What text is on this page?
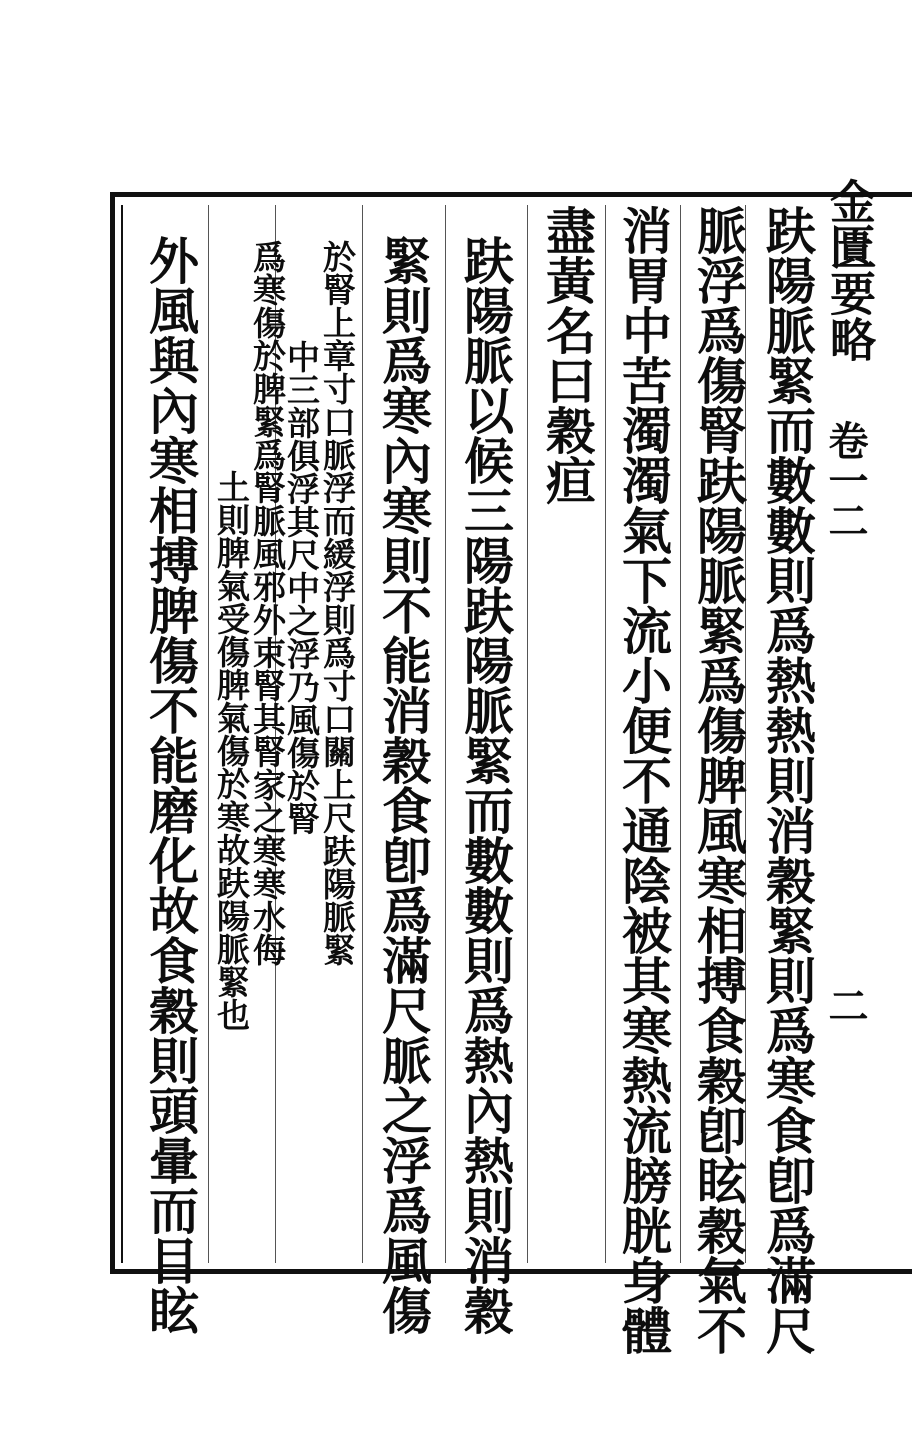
金匱要略
卷一二
二
趺陽脈緊而數數則爲熱熱則消穀緊則爲寒食卽爲滿尺
脈浮爲傷腎趺陽脈緊爲傷脾風寒相搏食穀卽眩穀氣不
消胃中苦濁濁氣下流小便不通陰被其寒熱流膀胱身體
盡黃名曰穀疸
趺陽脈以候三陽趺陽脈緊而數數則爲熱內熱則消穀
緊則爲寒內寒則不能消穀食卽爲滿尺脈之浮爲風傷
於腎上章寸口脈浮而緩浮則爲寸口關上尺趺陽脈緊
中三部俱浮其尺中之浮乃風傷於腎
爲寒傷於脾緊爲腎脈風邪外束腎其腎家之寒寒水侮
土則脾氣受傷脾氣傷於寒故趺陽脈緊也
外風與內寒相搏脾傷不能磨化故食穀則頭暈而目眩
